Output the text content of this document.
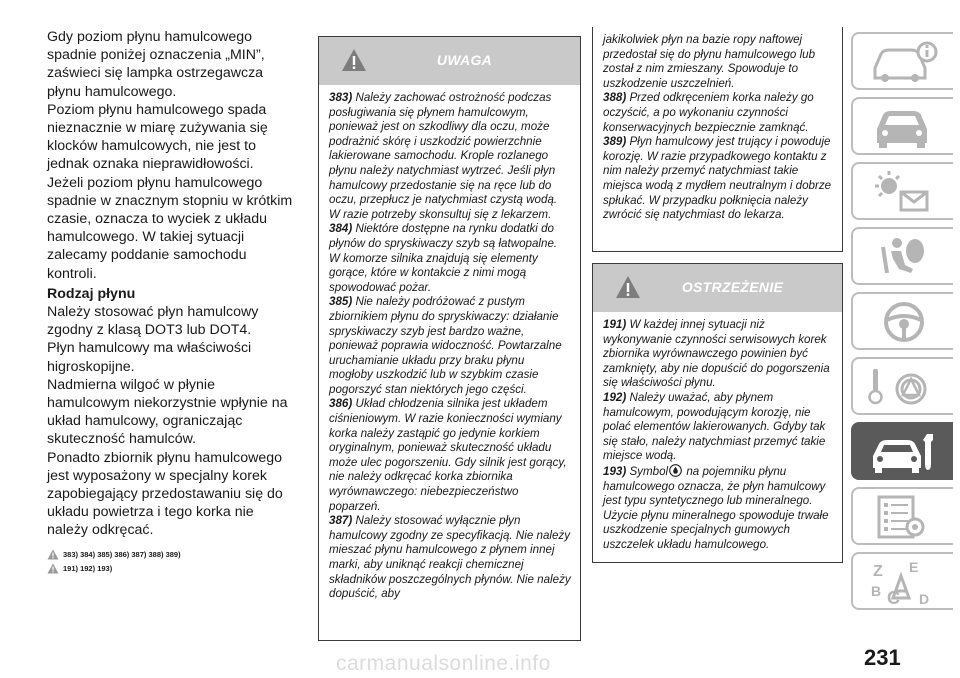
Gdy poziom płynu hamulcowego spadnie poniżej oznaczenia „MIN”, zaświeci się lampka ostrzegawcza płynu hamulcowego.

Poziom płynu hamulcowego spada nieznacznie w miarę zużywania się klocków hamulcowych, nie jest to jednak oznaka nieprawidłowości.

Jeżeli poziom płynu hamulcowego spadnie w znacznym stopniu w krótkim czasie, oznacza to wyciek z układu hamulcowego. W takiej sytuacji zalecamy poddanie samochodu kontroli.

Rodzaj płynu

Należy stosować płyn hamulcowy zgodny z klasą DOT3 lub DOT4.

Płyn hamulcowy ma właściwości higroskopijne.

Nadmierna wilgoć w płynie hamulcowym niekorzystnie wpłynie na układ hamulcowy, ograniczając skuteczność hamulców.

Ponadto zbiornik płynu hamulcowego jest wyposażony w specjalny korek zapobiegający przedostawaniu się do układu powietrza i tego korka nie należy odkręcać.

383) 384) 385) 386) 387) 388) 389)
191) 192) 193)
UWAGA

383) Należy zachować ostrożność podczas posługiwania się płynem hamulcowym, ponieważ jest on szkodliwy dla oczu, może podrażnić skórę i uszkodzić powierzchnie lakierowane samochodu. Krople rozlanego płynu należy natychmiast wytrzeć. Jeśli płyn hamulcowy przedostanie się na ręce lub do oczu, przepłucz je natychmiast czystą wodą. W razie potrzeby skonsultuj się z lekarzem.

384) Niektóre dostępne na rynku dodatki do płynów do spryskiwaczy szyb są łatwopalne. W komorze silnika znajdują się elementy gorące, które w kontakcie z nimi mogą spowodować pożar.

385) Nie należy podróżować z pustym zbiornikiem płynu do spryskiwaczy: działanie spryskiwaczy szyb jest bardzo ważne, ponieważ poprawia widoczność. Powtarzalne uruchamianie układu przy braku płynu mogłoby uszkodzić lub w szybkim czasie pogorszyć stan niektórych jego części.

386) Układ chłodzenia silnika jest układem ciśnieniowym. W razie konieczności wymiany korka należy zastąpić go jedynie korkiem oryginalnym, ponieważ skuteczność układu może ulec pogorszeniu. Gdy silnik jest gorący, nie należy odkręcać korka zbiornika wyrównawczego: niebezpieczeństwo poparzeń.

387) Należy stosować wyłącznie płyn hamulcowy zgodny ze specyfikacją. Nie należy mieszać płynu hamulcowego z płynem innej marki, aby uniknąć reakcji chemicznej składników poszczególnych płynów. Nie należy dopuścić, aby

jakikolwiek płyn na bazie ropy naftowej przedostał się do płynu hamulcowego lub został z nim zmieszany. Spowoduje to uszkodzenie uszczelnień.

388) Przed odkręceniem korka należy go oczyścić, a po wykonaniu czynności konserwacyjnych bezpiecznie zamknąć.

389) Płyn hamulcowy jest trujący i powoduje korozję. W razie przypadkowego kontaktu z nim należy przemyć natychmiast takie miejsca wodą z mydłem neutralnym i dobrze spłukać. W przypadku połknięcia należy zwrócić się natychmiast do lekarza.

OSTRZEŻENIE

191) W każdej innej sytuacji niż wykonywanie czynności serwisowych korek zbiornika wyrównawczego powinien być zamknięty, aby nie dopuścić do pogorszenia się właściwości płynu.

192) Należy uważać, aby płynem hamulcowym, powodującym korozję, nie polać elementów lakierowanych. Gdyby tak się stało, należy natychmiast przemyć takie miejsce wodą.

193) Symbol na pojemniku płynu hamulcowego oznacza, że płyn hamulcowy jest typu syntetycznego lub mineralnego. Użycie płynu mineralnego spowoduje trwałe uszkodzenie specjalnych gumowych uszczelek układu hamulcowego.

Z E
B C D
carmanualsonline.info	231
